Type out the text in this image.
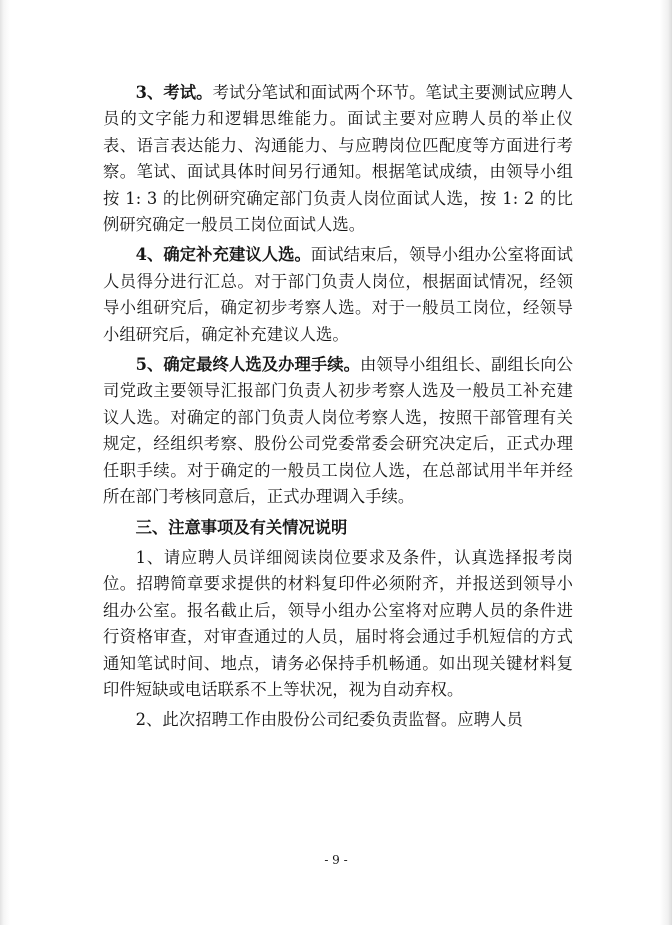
3、考试。考试分笔试和面试两个环节。笔试主要测试应聘人员的文字能力和逻辑思维能力。面试主要对应聘人员的举止仪表、语言表达能力、沟通能力、与应聘岗位匹配度等方面进行考察。笔试、面试具体时间另行通知。根据笔试成绩，由领导小组按 1: 3 的比例研究确定部门负责人岗位面试人选，按 1: 2 的比例研究确定一般员工岗位面试人选。

4、确定补充建议人选。面试结束后，领导小组办公室将面试人员得分进行汇总。对于部门负责人岗位，根据面试情况，经领导小组研究后，确定初步考察人选。对于一般员工岗位，经领导小组研究后，确定补充建议人选。

5、确定最终人选及办理手续。由领导小组组长、副组长向公司党政主要领导汇报部门负责人初步考察人选及一般员工补充建议人选。对确定的部门负责人岗位考察人选，按照干部管理有关规定，经组织考察、股份公司党委常委会研究决定后，正式办理任职手续。对于确定的一般员工岗位人选，在总部试用半年并经所在部门考核同意后，正式办理调入手续。

三、注意事项及有关情况说明

1、请应聘人员详细阅读岗位要求及条件，认真选择报考岗位。招聘简章要求提供的材料复印件必须附齐，并报送到领导小组办公室。报名截止后，领导小组办公室将对应聘人员的条件进行资格审查，对审查通过的人员，届时将会通过手机短信的方式通知笔试时间、地点，请务必保持手机畅通。如出现关键材料复印件短缺或电话联系不上等状况，视为自动弃权。

2、此次招聘工作由股份公司纪委负责监督。应聘人员

- 9 -
